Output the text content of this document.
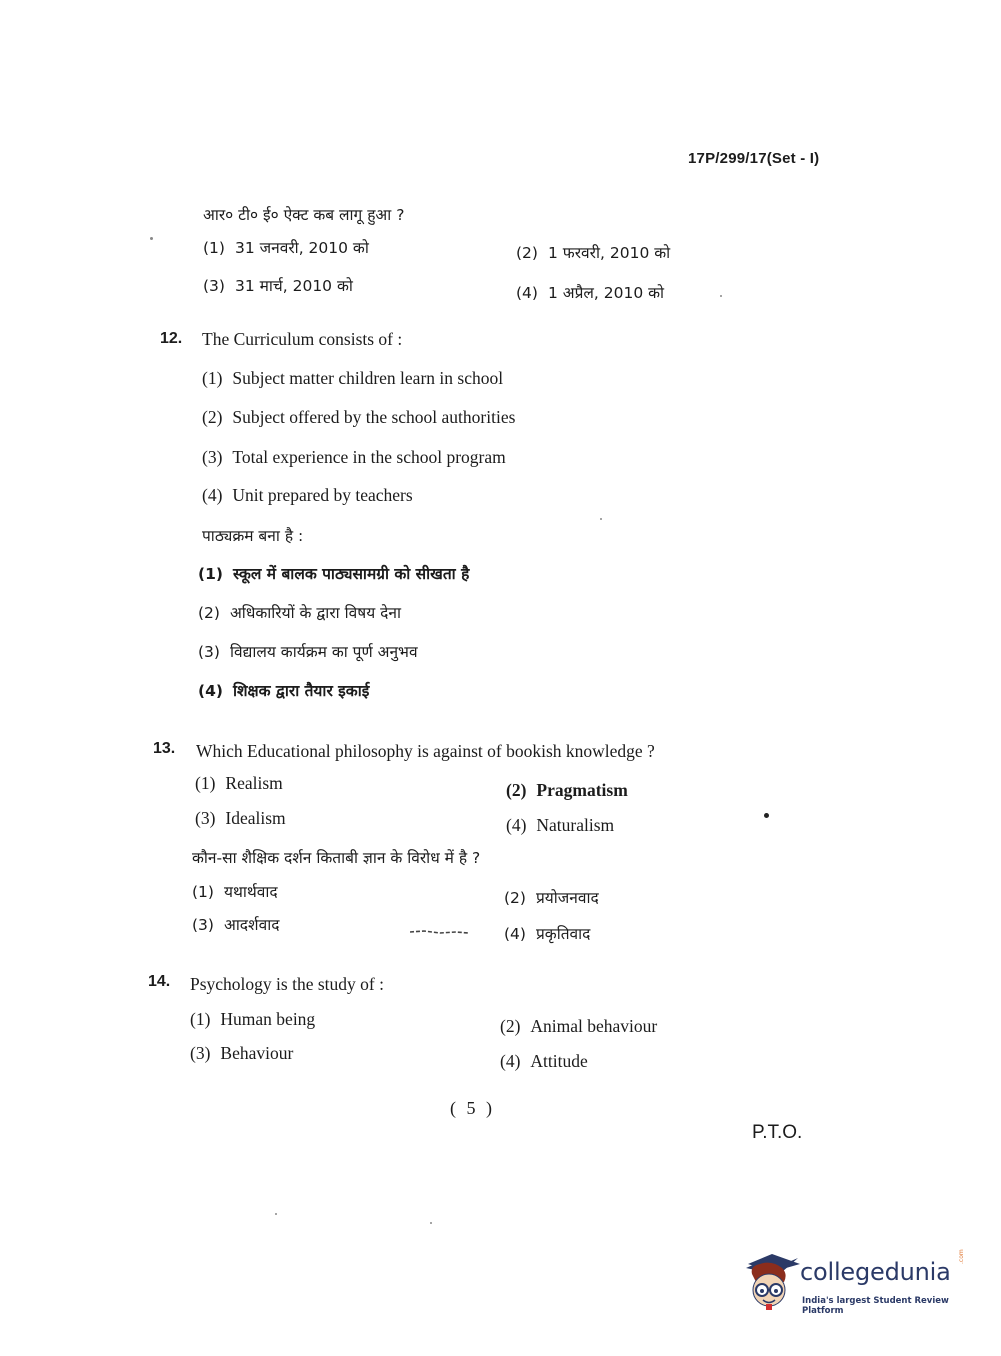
17P/299/17(Set - I)
आर० टी० ई० ऐक्ट कब लागू हुआ ?
(1) 31 जनवरी, 2010 को	(2) 1 फरवरी, 2010 को
(3) 31 मार्च, 2010 को	(4) 1 अप्रैल, 2010 को
12. The Curriculum consists of :
(1) Subject matter children learn in school
(2) Subject offered by the school authorities
(3) Total experience in the school program
(4) Unit prepared by teachers
पाठ्यक्रम बना है :
(1) स्कूल में बालक पाठ्यसामग्री को सीखता है
(2) अधिकारियों के द्वारा विषय देना
(3) विद्यालय कार्यक्रम का पूर्ण अनुभव
(4) शिक्षक द्वारा तैयार इकाई
13. Which Educational philosophy is against of bookish knowledge ?
(1) Realism	(2) Pragmatism
(3) Idealism	(4) Naturalism
कौन-सा शैक्षिक दर्शन किताबी ज्ञान के विरोध में है ?
(1) यथार्थवाद	(2) प्रयोजनवाद
(3) आदर्शवाद	(4) प्रकृतिवाद
14. Psychology is the study of :
(1) Human being	(2) Animal behaviour
(3) Behaviour	(4) Attitude
( 5 )
P.T.O.
collegedunia
.com
India's largest Student Review Platform
